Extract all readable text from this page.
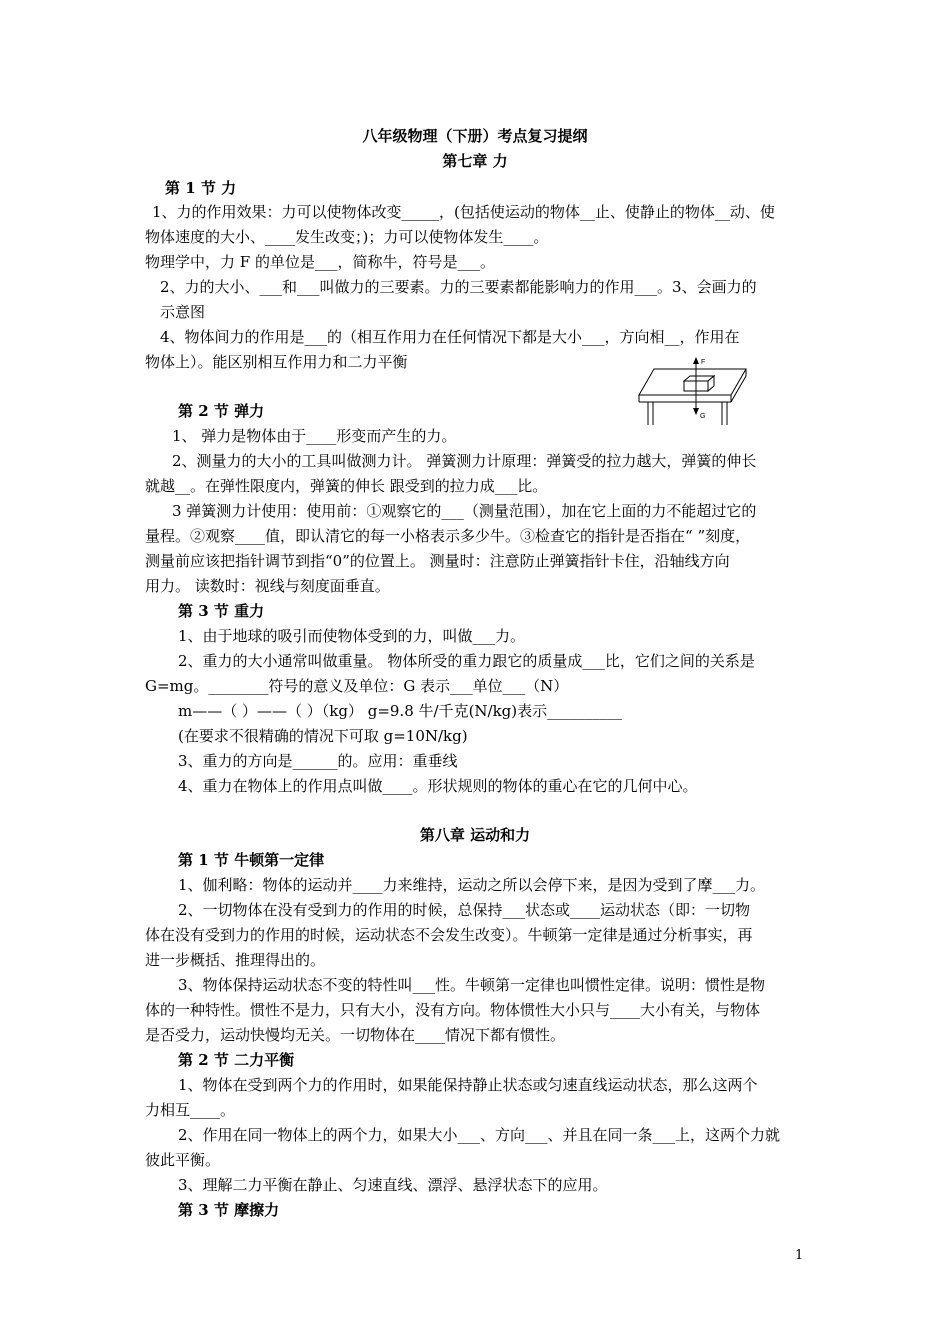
八年级物理（下册）考点复习提纲
第七章 力
第 1 节 力
1、力的作用效果：力可以使物体改变_____，(包括使运动的物体__止、使静止的物体__动、使
物体速度的大小、____发生改变；)；力可以使物体发生____。
物理学中，力 F 的单位是___，简称牛，符号是___。
2、力的大小、___和___叫做力的三要素。力的三要素都能影响力的作用___。3、会画力的
示意图
4、物体间力的作用是___的（相互作用力在任何情况下都是大小___，方向相__，作用在
物体上）。能区别相互作用力和二力平衡	F
G
第 2 节 弹力
1、 弹力是物体由于____形变而产生的力。
2、测量力的大小的工具叫做测力计。 弹簧测力计原理：弹簧受的拉力越大，弹簧的伸长
就越__。在弹性限度内，弹簧的伸长 跟受到的拉力成___比。
3 弹簧测力计使用：使用前：①观察它的___（测量范围），加在它上面的力不能超过它的
量程。②观察____值，即认清它的每一小格表示多少牛。③检查它的指针是否指在“ ”刻度，
测量前应该把指针调节到指“0”的位置上。 测量时：注意防止弹簧指针卡住，沿轴线方向
用力。 读数时：视线与刻度面垂直。
第 3 节 重力
1、由于地球的吸引而使物体受到的力，叫做___力。
2、重力的大小通常叫做重量。 物体所受的重力跟它的质量成___比，它们之间的关系是
G=mg。________符号的意义及单位：G 表示___单位___（N）
m——（ ）——（ ）（kg） g=9.8 牛/千克(N/kg)表示__________
(在要求不很精确的情况下可取 g=10N/kg)
3、重力的方向是______的。应用：重垂线
4、重力在物体上的作用点叫做____。形状规则的物体的重心在它的几何中心。
第八章 运动和力
第 1 节 牛顿第一定律
1、伽利略：物体的运动并____力来维持，运动之所以会停下来，是因为受到了摩___力。
2、一切物体在没有受到力的作用的时候，总保持___状态或____运动状态（即：一切物
体在没有受到力的作用的时候，运动状态不会发生改变）。牛顿第一定律是通过分析事实，再
进一步概括、推理得出的。
3、物体保持运动状态不变的特性叫___性。牛顿第一定律也叫惯性定律。说明：惯性是物
体的一种特性。惯性不是力，只有大小，没有方向。物体惯性大小只与____大小有关，与物体
是否受力，运动快慢均无关。一切物体在____情况下都有惯性。
第 2 节 二力平衡
1、物体在受到两个力的作用时，如果能保持静止状态或匀速直线运动状态，那么这两个
力相互____。
2、作用在同一物体上的两个力，如果大小___、方向___、并且在同一条___上，这两个力就
彼此平衡。
3、理解二力平衡在静止、匀速直线、漂浮、悬浮状态下的应用。
第 3 节 摩擦力
1
